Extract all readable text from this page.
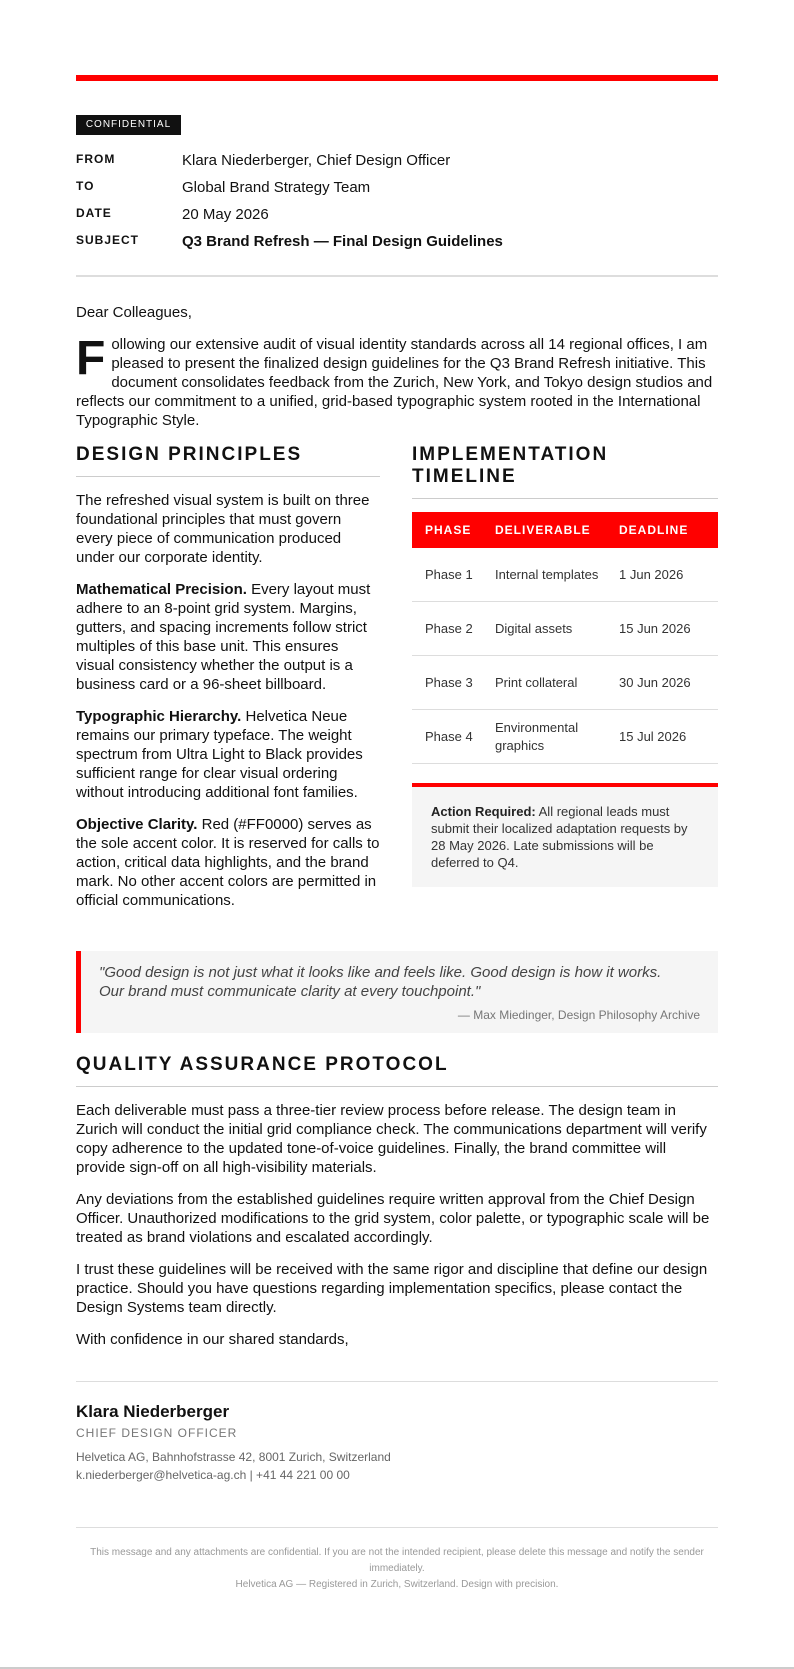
CONFIDENTIAL
FROM	Klara Niederberger, Chief Design Officer
TO	Global Brand Strategy Team
DATE	20 May 2026
SUBJECT	Q3 Brand Refresh — Final Design Guidelines
Dear Colleagues,

Following our extensive audit of visual identity standards across all 14 regional offices, I am pleased to present the finalized design guidelines for the Q3 Brand Refresh initiative. This document consolidates feedback from the Zurich, New York, and Tokyo design studios and reflects our commitment to a unified, grid-based typographic system rooted in the International Typographic Style.

DESIGN PRINCIPLES

The refreshed visual system is built on three foundational principles that must govern every piece of communication produced under our corporate identity.

Mathematical Precision. Every layout must adhere to an 8-point grid system. Margins, gutters, and spacing increments follow strict multiples of this base unit. This ensures visual consistency whether the output is a business card or a 96-sheet billboard.

Typographic Hierarchy. Helvetica Neue remains our primary typeface. The weight spectrum from Ultra Light to Black provides sufficient range for clear visual ordering without introducing additional font families.

Objective Clarity. Red (#FF0000) serves as the sole accent color. It is reserved for calls to action, critical data highlights, and the brand mark. No other accent colors are permitted in official communications.

IMPLEMENTATION TIMELINE
PHASE	DELIVERABLE	DEADLINE
Phase 1	Internal templates	1 Jun 2026
Phase 2	Digital assets	15 Jun 2026
Phase 3	Print collateral	30 Jun 2026
Phase 4	Environmental graphics	15 Jul 2026
Action Required: All regional leads must submit their localized adaptation requests by 28 May 2026. Late submissions will be deferred to Q4.
"Good design is not just what it looks like and feels like. Good design is how it works. Our brand must communicate clarity at every touchpoint."
— Max Miedinger, Design Philosophy Archive
QUALITY ASSURANCE PROTOCOL

Each deliverable must pass a three-tier review process before release. The design team in Zurich will conduct the initial grid compliance check. The communications department will verify copy adherence to the updated tone-of-voice guidelines. Finally, the brand committee will provide sign-off on all high-visibility materials.

Any deviations from the established guidelines require written approval from the Chief Design Officer. Unauthorized modifications to the grid system, color palette, or typographic scale will be treated as brand violations and escalated accordingly.

I trust these guidelines will be received with the same rigor and discipline that define our design practice. Should you have questions regarding implementation specifics, please contact the Design Systems team directly.

With confidence in our shared standards,

Klara Niederberger
CHIEF DESIGN OFFICER
Helvetica AG, Bahnhofstrasse 42, 8001 Zurich, Switzerland
k.niederberger@helvetica-ag.ch | +41 44 221 00 00
This message and any attachments are confidential. If you are not the intended recipient, please delete this message and notify the sender immediately.
Helvetica AG — Registered in Zurich, Switzerland. Design with precision.
